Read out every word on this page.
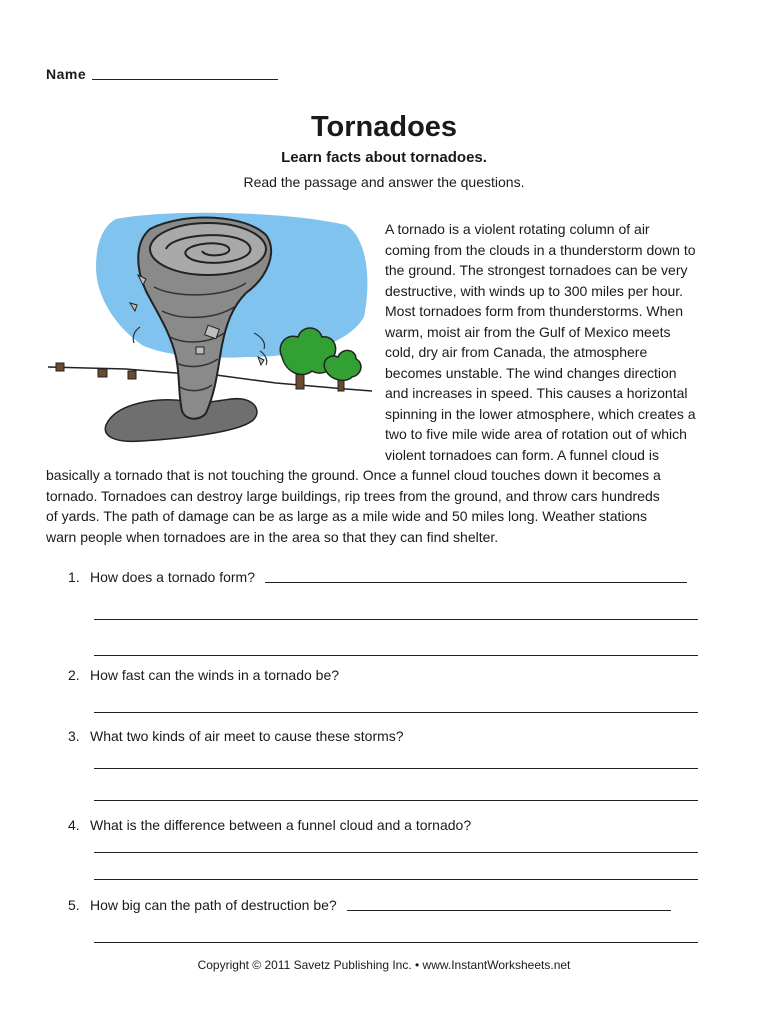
Name
Tornadoes
Learn facts about tornadoes.
Read the passage and answer the questions.
A tornado is a violent rotating column of air
coming from the clouds in a thunderstorm down to
the ground. The strongest tornadoes can be very
destructive, with winds up to 300 miles per hour.
Most tornadoes form from thunderstorms. When
warm, moist air from the Gulf of Mexico meets
cold, dry air from Canada, the atmosphere
becomes unstable. The wind changes direction
and increases in speed. This causes a horizontal
spinning in the lower atmosphere, which creates a
two to five mile wide area of rotation out of which
violent tornadoes can form. A funnel cloud is
basically a tornado that is not touching the ground. Once a funnel cloud touches down it becomes a
tornado. Tornadoes can destroy large buildings, rip trees from the ground, and throw cars hundreds
of yards. The path of damage can be as large as a mile wide and 50 miles long. Weather stations
warn people when tornadoes are in the area so that they can find shelter.
1. How does a tornado form?
2. How fast can the winds in a tornado be?
3. What two kinds of air meet to cause these storms?
4. What is the difference between a funnel cloud and a tornado?
5. How big can the path of destruction be?
Copyright © 2011 Savetz Publishing Inc. • www.InstantWorksheets.net
